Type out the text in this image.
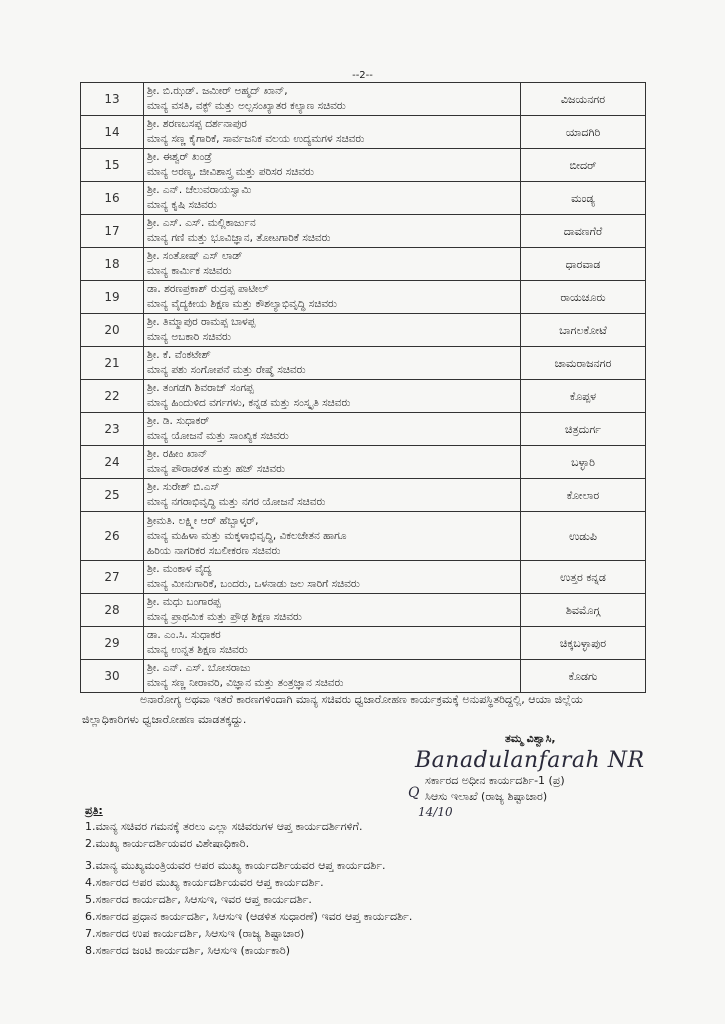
--2--
13	ಶ್ರೀ. ಬಿ.ಝಡ್. ಜಮೀರ್ ಅಹ್ಮದ್ ಖಾನ್,
ಮಾನ್ಯ ವಸತಿ, ವಕ್ಫ್ ಮತ್ತು ಅಲ್ಪಸಂಖ್ಯಾತರ ಕಲ್ಯಾಣ ಸಚಿವರು	ವಿಜಯನಗರ
14	ಶ್ರೀ. ಶರಣಬಸಪ್ಪ ದರ್ಶನಾಪುರ
ಮಾನ್ಯ ಸಣ್ಣ ಕೈಗಾರಿಕೆ, ಸಾರ್ವಜನಿಕ ವಲಯ ಉದ್ಯಮಗಳ ಸಚಿವರು	ಯಾದಗಿರಿ
15	ಶ್ರೀ. ಈಶ್ವರ್ ಖಂಡ್ರೆ
ಮಾನ್ಯ ಅರಣ್ಯ, ಜೀವಿಶಾಸ್ತ್ರ ಮತ್ತು ಪರಿಸರ ಸಚಿವರು	ಬೀದರ್
16	ಶ್ರೀ. ಎನ್. ಚೆಲುವರಾಯಸ್ವಾಮಿ
ಮಾನ್ಯ ಕೃಷಿ ಸಚಿವರು	ಮಂಡ್ಯ
17	ಶ್ರೀ. ಎಸ್. ಎಸ್. ಮಲ್ಲಿಕಾರ್ಜುನ
ಮಾನ್ಯ ಗಣಿ ಮತ್ತು ಭೂವಿಜ್ಞಾನ, ತೋಟಗಾರಿಕೆ ಸಚಿವರು	ದಾವಣಗೆರೆ
18	ಶ್ರೀ. ಸಂತೋಷ್ ಎಸ್ ಲಾಡ್
ಮಾನ್ಯ ಕಾರ್ಮಿಕ ಸಚಿವರು	ಧಾರವಾಡ
19	ಡಾ. ಶರಣಪ್ರಕಾಶ್ ರುದ್ರಪ್ಪ ಪಾಟೀಲ್
ಮಾನ್ಯ ವೈದ್ಯಕೀಯ ಶಿಕ್ಷಣ ಮತ್ತು ಕೌಶಲ್ಯಾಭಿವೃದ್ಧಿ ಸಚಿವರು	ರಾಯಚೂರು
20	ಶ್ರೀ. ತಿಮ್ಮಾಪುರ ರಾಮಪ್ಪ ಬಾಳಪ್ಪ
ಮಾನ್ಯ ಅಬಕಾರಿ ಸಚಿವರು	ಬಾಗಲಕೋಟೆ
21	ಶ್ರೀ. ಕೆ. ವೆಂಕಟೇಶ್
ಮಾನ್ಯ ಪಶು ಸಂಗೋಪನೆ ಮತ್ತು ರೇಷ್ಮೆ ಸಚಿವರು	ಚಾಮರಾಜನಗರ
22	ಶ್ರೀ. ತಂಗಡಗಿ ಶಿವರಾಜ್ ಸಂಗಪ್ಪ
ಮಾನ್ಯ ಹಿಂದುಳಿದ ವರ್ಗಗಳು, ಕನ್ನಡ ಮತ್ತು ಸಂಸ್ಕೃತಿ ಸಚಿವರು	ಕೊಪ್ಪಳ
23	ಶ್ರೀ. ಡಿ. ಸುಧಾಕರ್
ಮಾನ್ಯ ಯೋಜನೆ ಮತ್ತು ಸಾಂಖ್ಯಿಕ ಸಚಿವರು	ಚಿತ್ರದುರ್ಗ
24	ಶ್ರೀ. ರಹೀಂ ಖಾನ್
ಮಾನ್ಯ ಪೌರಾಡಳಿತ ಮತ್ತು ಹಜ್ ಸಚಿವರು	ಬಳ್ಳಾರಿ
25	ಶ್ರೀ. ಸುರೇಶ್ ಬಿ.ಎಸ್
ಮಾನ್ಯ ನಗರಾಭಿವೃದ್ಧಿ ಮತ್ತು ನಗರ ಯೋಜನೆ ಸಚಿವರು	ಕೋಲಾರ
26	ಶ್ರೀಮತಿ. ಲಕ್ಷ್ಮೀ ಆರ್ ಹೆಬ್ಬಾಳ್ಕರ್,
ಮಾನ್ಯ ಮಹಿಳಾ ಮತ್ತು ಮಕ್ಕಳಾಭಿವೃದ್ಧಿ, ವಿಕಲಚೇತನ ಹಾಗೂ
ಹಿರಿಯ ನಾಗರಿಕರ ಸಬಲೀಕರಣ ಸಚಿವರು	ಉಡುಪಿ
27	ಶ್ರೀ. ಮಂಕಾಳ ವೈದ್ಯ
ಮಾನ್ಯ ಮೀನುಗಾರಿಕೆ, ಬಂದರು, ಒಳನಾಡು ಜಲ ಸಾರಿಗೆ ಸಚಿವರು	ಉತ್ತರ ಕನ್ನಡ
28	ಶ್ರೀ. ಮಧು ಬಂಗಾರಪ್ಪ
ಮಾನ್ಯ ಪ್ರಾಥಮಿಕ ಮತ್ತು ಪ್ರೌಢ ಶಿಕ್ಷಣ ಸಚಿವರು	ಶಿವಮೊಗ್ಗ
29	ಡಾ. ಎಂ.ಸಿ. ಸುಧಾಕರ
ಮಾನ್ಯ ಉನ್ನತ ಶಿಕ್ಷಣ ಸಚಿವರು	ಚಿಕ್ಕಬಳ್ಳಾಪುರ
30	ಶ್ರೀ. ಎನ್. ಎಸ್. ಬೋಸರಾಜು
ಮಾನ್ಯ ಸಣ್ಣ ನೀರಾವರಿ, ವಿಜ್ಞಾನ ಮತ್ತು ತಂತ್ರಜ್ಞಾನ ಸಚಿವರು	ಕೊಡಗು
ಅನಾರೋಗ್ಯ ಅಥವಾ ಇತರೆ ಕಾರಣಗಳಿಂದಾಗಿ ಮಾನ್ಯ ಸಚಿವರು ಧ್ವಜಾರೋಹಣ ಕಾರ್ಯಕ್ರಮಕ್ಕೆ ಅನುಪಸ್ಥಿತರಿದ್ದಲ್ಲಿ, ಆಯಾ ಜಿಲ್ಲೆಯ ಜಿಲ್ಲಾಧಿಕಾರಿಗಳು ಧ್ವಜಾರೋಹಣ ಮಾಡತಕ್ಕದ್ದು.
ತಮ್ಮ ವಿಶ್ವಾಸಿ,
Banadulanfarah NR
ಸರ್ಕಾರದ ಅಧೀನ ಕಾರ್ಯದರ್ಶಿ-1 (ಪ್ರ)
ಸಿಆಸು ಇಲಾಖೆ (ರಾಜ್ಯ ಶಿಷ್ಟಾಚಾರ)
Q
14/10
ಪ್ರತಿ:
1.ಮಾನ್ಯ ಸಚಿವರ ಗಮನಕ್ಕೆ ತರಲು ಎಲ್ಲಾ ಸಚಿವರುಗಳ ಆಪ್ತ ಕಾರ್ಯದರ್ಶಿಗಳಿಗೆ.
2.ಮುಖ್ಯ ಕಾರ್ಯದರ್ಶಿಯವರ ವಿಶೇಷಾಧಿಕಾರಿ.
3.ಮಾನ್ಯ ಮುಖ್ಯಮಂತ್ರಿಯವರ ಅಪರ ಮುಖ್ಯ ಕಾರ್ಯದರ್ಶಿಯವರ ಆಪ್ತ ಕಾರ್ಯದರ್ಶಿ.
4.ಸರ್ಕಾರದ ಅಪರ ಮುಖ್ಯ ಕಾರ್ಯದರ್ಶಿಯವರ ಆಪ್ತ ಕಾರ್ಯದರ್ಶಿ.
5.ಸರ್ಕಾರದ ಕಾರ್ಯದರ್ಶಿ, ಸಿಆಸುಇ, ಇವರ ಆಪ್ತ ಕಾರ್ಯದರ್ಶಿ.
6.ಸರ್ಕಾರದ ಪ್ರಧಾನ ಕಾರ್ಯದರ್ಶಿ, ಸಿಆಸುಇ (ಆಡಳಿತ ಸುಧಾರಣೆ) ಇವರ ಆಪ್ತ ಕಾರ್ಯದರ್ಶಿ.
7.ಸರ್ಕಾರದ ಉಪ ಕಾರ್ಯದರ್ಶಿ, ಸಿಆಸುಇ (ರಾಜ್ಯ ಶಿಷ್ಟಾಚಾರ)
8.ಸರ್ಕಾರದ ಜಂಟಿ ಕಾರ್ಯದರ್ಶಿ, ಸಿಆಸುಇ (ಕಾರ್ಯಕಾರಿ)
